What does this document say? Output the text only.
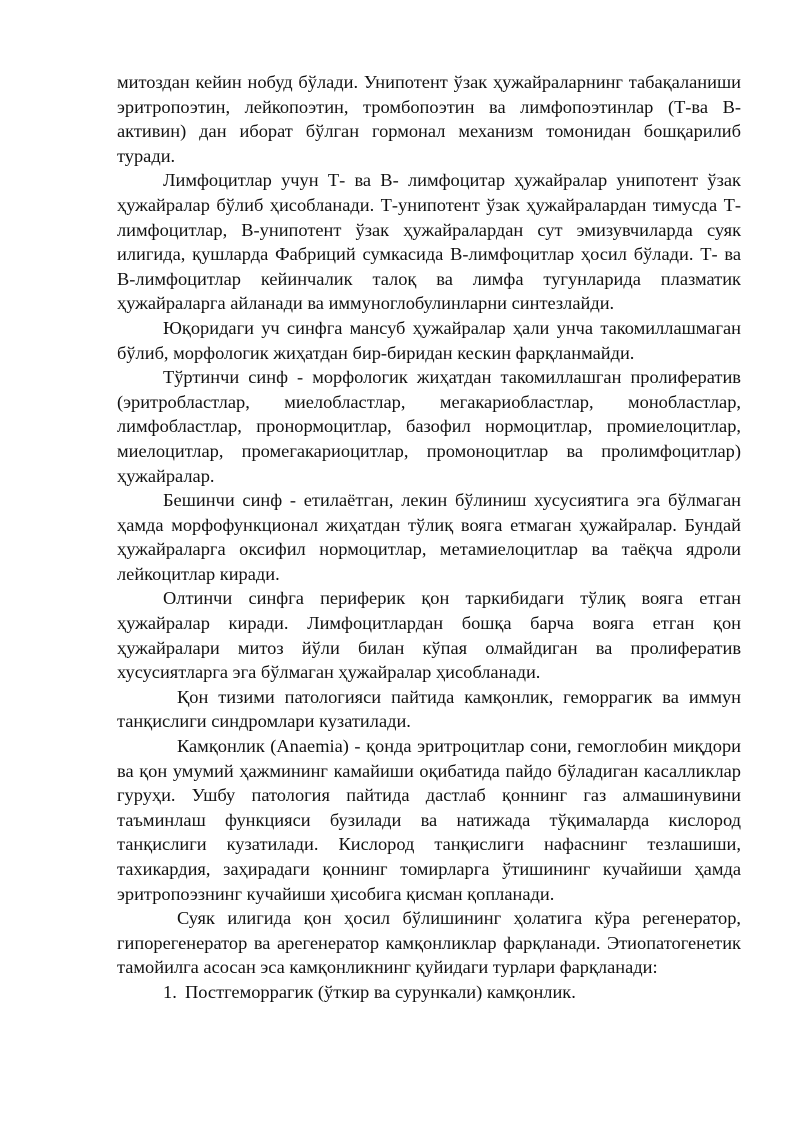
митоздан кейин нобуд бўлади. Унипотент ўзак ҳужайраларнинг табақаланиши эритропоэтин, лейкопоэтин, тромбопоэтин ва лимфопоэтинлар (Т-ва В-активин) дан иборат бўлган гормонал механизм томонидан бошқарилиб туради.

Лимфоцитлар учун Т- ва В- лимфоцитар ҳужайралар унипотент ўзак ҳужайралар бўлиб ҳисобланади. Т-унипотент ўзак ҳужайралардан тимусда Т-лимфоцитлар, В-унипотент ўзак ҳужайралардан сут эмизувчиларда суяк илигида, қушларда Фабриций сумкасида В-лимфоцитлар ҳосил бўлади. Т- ва В-лимфоцитлар кейинчалик талоқ ва лимфа тугунларида плазматик ҳужайраларга айланади ва иммуноглобулинларни синтезлайди.

Юқоридаги уч синфга мансуб ҳужайралар ҳали унча такомиллашмаган бўлиб, морфологик жиҳатдан бир-биридан кескин фарқланмайди.

Тўртинчи синф - морфологик жиҳатдан такомиллашган пролифератив (эритробластлар, миелобластлар, мегакариобластлар, монобластлар, лимфобластлар, пронормоцитлар, базофил нормоцитлар, промиелоцитлар, миелоцитлар, промегакариоцитлар, промоноцитлар ва пролимфоцитлар) ҳужайралар.

Бешинчи синф - етилаётган, лекин бўлиниш хусусиятига эга бўлмаган ҳамда морфофункционал жиҳатдан тўлиқ вояга етмаган ҳужайралар. Бундай ҳужайраларга оксифил нормоцитлар, метамиелоцитлар ва таёқча ядроли лейкоцитлар киради.

Олтинчи синфга периферик қон таркибидаги тўлиқ вояга етган ҳужайралар киради. Лимфоцитлардан бошқа барча вояга етган қон ҳужайралари митоз йўли билан кўпая олмайдиган ва пролифератив хусусиятларга эга бўлмаган ҳужайралар ҳисобланади.

Қон тизими патологияси пайтида камқонлик, геморрагик ва иммун танқислиги синдромлари кузатилади.

Камқонлик (Anaemia) - қонда эритроцитлар сони, гемоглобин миқдори ва қон умумий ҳажмининг камайиши оқибатида пайдо бўладиган касалликлар гуруҳи. Ушбу патология пайтида дастлаб қоннинг газ алмашинувини таъминлаш функцияси бузилади ва натижада тўқималарда кислород танқислиги кузатилади. Кислород танқислиги нафаснинг тезлашиши, тахикардия, заҳирадаги қоннинг томирларга ўтишининг кучайиши ҳамда эритропоэзнинг кучайиши ҳисобига қисман қопланади.

Суяк илигида қон ҳосил бўлишининг ҳолатига кўра регенератор, гипорегенератор ва арегенератор камқонликлар фарқланади. Этиопатогенетик тамойилга асосан эса камқонликнинг қуйидаги турлари фарқланади:

1. Постгеморрагик (ўткир ва сурункали) камқонлик.
